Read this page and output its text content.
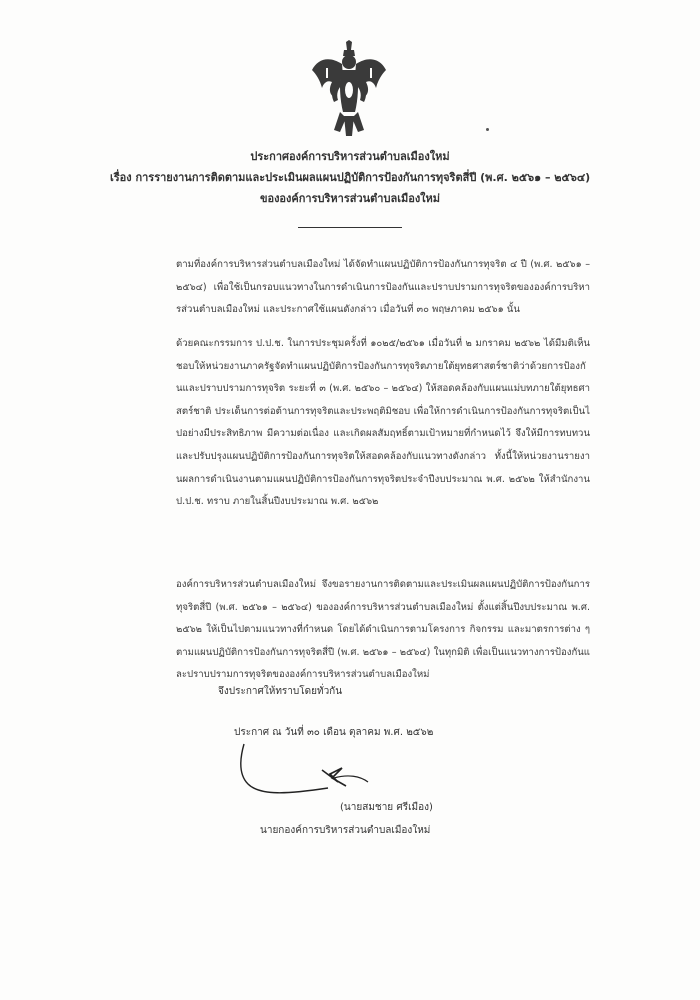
ประกาศองค์การบริหารส่วนตำบลเมืองใหม่
เรื่อง การรายงานการติดตามและประเมินผลแผนปฏิบัติการป้องกันการทุจริตสี่ปี (พ.ศ. ๒๕๖๑ – ๒๕๖๔)
ขององค์การบริหารส่วนตำบลเมืองใหม่
ตามที่องค์การบริหารส่วนตำบลเมืองใหม่ ได้จัดทำแผนปฏิบัติการป้องกันการทุจริต ๔ ปี (พ.ศ. ๒๕๖๑ – ๒๕๖๔) เพื่อใช้เป็นกรอบแนวทางในการดำเนินการป้องกันและปราบปรามการทุจริตขององค์การบริหารส่วนตำบลเมืองใหม่ และประกาศใช้แผนดังกล่าว เมื่อวันที่ ๓๐ พฤษภาคม ๒๕๖๑ นั้น
ด้วยคณะกรรมการ ป.ป.ช. ในการประชุมครั้งที่ ๑๐๒๕/๒๕๖๑ เมื่อวันที่ ๒ มกราคม ๒๕๖๒ ได้มีมติเห็นชอบให้หน่วยงานภาครัฐจัดทำแผนปฏิบัติการป้องกันการทุจริตภายใต้ยุทธศาสตร์ชาติว่าด้วยการป้องกันและปราบปรามการทุจริต ระยะที่ ๓ (พ.ศ. ๒๕๖๐ – ๒๕๖๔) ให้สอดคล้องกับแผนแม่บทภายใต้ยุทธศาสตร์ชาติ ประเด็นการต่อต้านการทุจริตและประพฤติมิชอบ เพื่อให้การดำเนินการป้องกันการทุจริตเป็นไปอย่างมีประสิทธิภาพ มีความต่อเนื่อง และเกิดผลสัมฤทธิ์ตามเป้าหมายที่กำหนดไว้ จึงให้มีการทบทวนและปรับปรุงแผนปฏิบัติการป้องกันการทุจริตให้สอดคล้องกับแนวทางดังกล่าว ทั้งนี้ให้หน่วยงานรายงานผลการดำเนินงานตามแผนปฏิบัติการป้องกันการทุจริตประจำปีงบประมาณ พ.ศ. ๒๕๖๒ ให้สำนักงาน ป.ป.ช. ทราบ ภายในสิ้นปีงบประมาณ พ.ศ. ๒๕๖๒
องค์การบริหารส่วนตำบลเมืองใหม่ จึงขอรายงานการติดตามและประเมินผลแผนปฏิบัติการป้องกันการทุจริตสี่ปี (พ.ศ. ๒๕๖๑ – ๒๕๖๔) ขององค์การบริหารส่วนตำบลเมืองใหม่ ตั้งแต่สิ้นปีงบประมาณ พ.ศ. ๒๕๖๒ ให้เป็นไปตามแนวทางที่กำหนด โดยได้ดำเนินการตามโครงการ กิจกรรม และมาตรการต่าง ๆ ตามแผนปฏิบัติการป้องกันการทุจริตสี่ปี (พ.ศ. ๒๕๖๑ – ๒๕๖๔) ในทุกมิติ เพื่อเป็นแนวทางการป้องกันและปราบปรามการทุจริตขององค์การบริหารส่วนตำบลเมืองใหม่
จึงประกาศให้ทราบโดยทั่วกัน
ประกาศ ณ วันที่ ๓๐ เดือน ตุลาคม พ.ศ. ๒๕๖๒
(นายสมชาย ศรีเมือง)
นายกองค์การบริหารส่วนตำบลเมืองใหม่
